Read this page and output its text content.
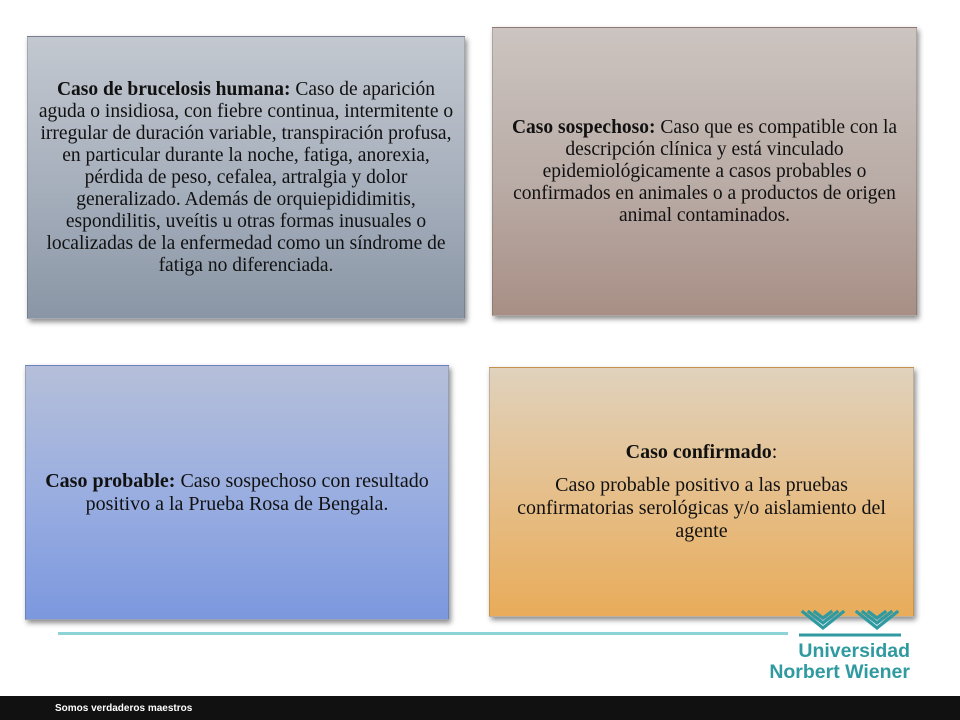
Caso de brucelosis humana: Caso de aparición aguda o insidiosa, con fiebre continua, intermitente o irregular de duración variable, transpiración profusa, en particular durante la noche, fatiga, anorexia, pérdida de peso, cefalea, artralgia y dolor generalizado. Además de orquiepididimitis, espondilitis, uveítis u otras formas inusuales o localizadas de la enfermedad como un síndrome de fatiga no diferenciada.

Caso sospechoso: Caso que es compatible con la descripción clínica y está vinculado epidemiológicamente a casos probables o confirmados en animales o a productos de origen animal contaminados.

Caso probable: Caso sospechoso con resultado positivo a la Prueba Rosa de Bengala.

Caso confirmado:

Caso probable positivo a las pruebas confirmatorias serológicas y/o aislamiento del agente

Universidad
Norbert Wiener
Somos verdaderos maestros
